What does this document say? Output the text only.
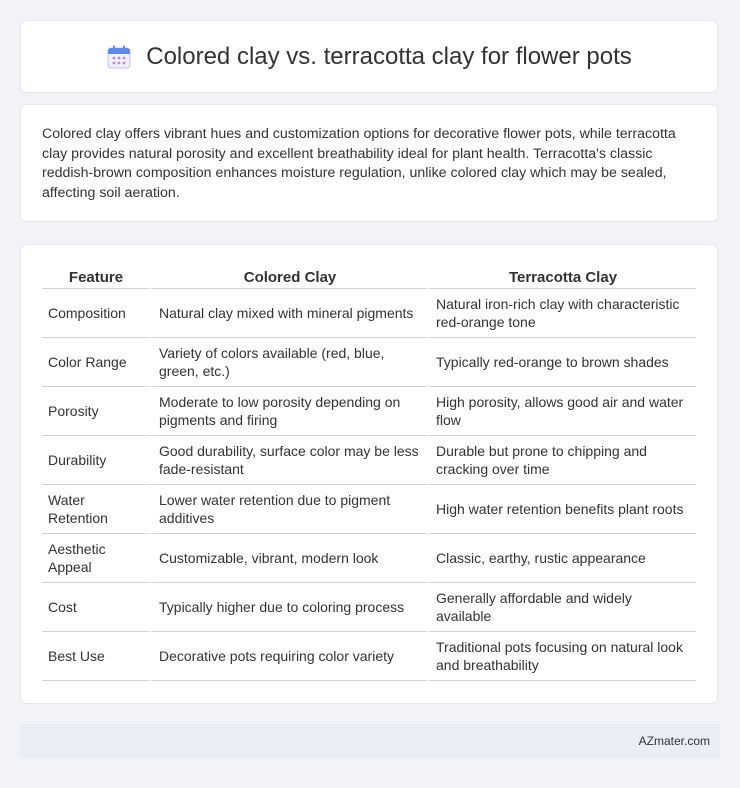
Colored clay vs. terracotta clay for flower pots

Colored clay offers vibrant hues and customization options for decorative flower pots, while terracotta clay provides natural porosity and excellent breathability ideal for plant health. Terracotta's classic reddish-brown composition enhances moisture regulation, unlike colored clay which may be sealed, affecting soil aeration.

Feature	Colored Clay	Terracotta Clay
Composition	Natural clay mixed with mineral pigments	Natural iron-rich clay with characteristic red-orange tone
Color Range	Variety of colors available (red, blue, green, etc.)	Typically red-orange to brown shades
Porosity	Moderate to low porosity depending on pigments and firing	High porosity, allows good air and water flow
Durability	Good durability, surface color may be less fade-resistant	Durable but prone to chipping and cracking over time
Water Retention	Lower water retention due to pigment additives	High water retention benefits plant roots
Aesthetic Appeal	Customizable, vibrant, modern look	Classic, earthy, rustic appearance
Cost	Typically higher due to coloring process	Generally affordable and widely available
Best Use	Decorative pots requiring color variety	Traditional pots focusing on natural look and breathability
AZmater.com
